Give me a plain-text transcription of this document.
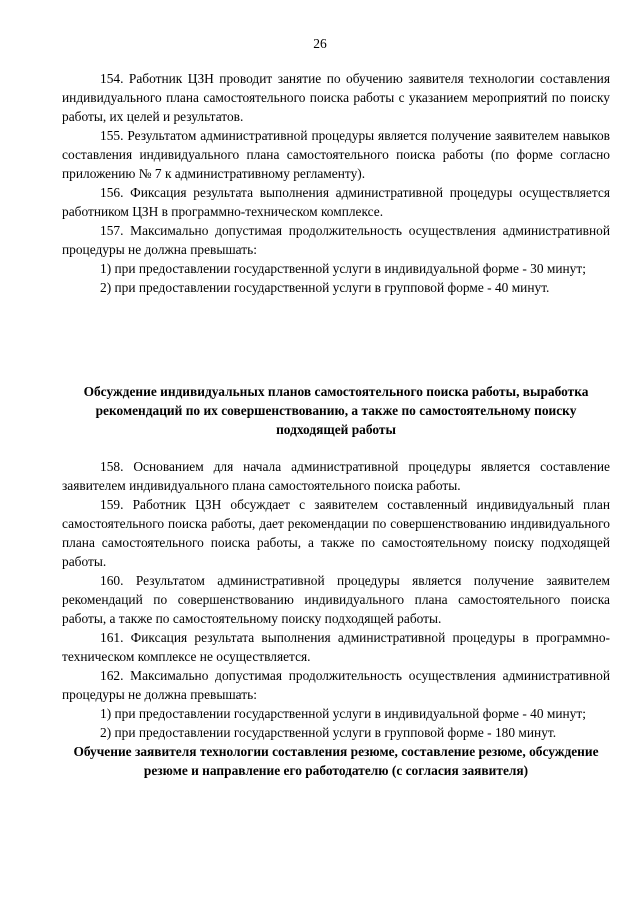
26

154. Работник ЦЗН проводит занятие по обучению заявителя технологии составления индивидуального плана самостоятельного поиска работы с указанием мероприятий по поиску работы, их целей и результатов.

155. Результатом административной процедуры является получение заявителем навыков составления индивидуального плана самостоятельного поиска работы (по форме согласно приложению № 7 к административному регламенту).

156. Фиксация результата выполнения административной процедуры осуществляется работником ЦЗН в программно-техническом комплексе.

157. Максимально допустимая продолжительность осуществления административной процедуры не должна превышать:

1) при предоставлении государственной услуги в индивидуальной форме - 30 минут;

2) при предоставлении государственной услуги в групповой форме - 40 минут.

Обсуждение индивидуальных планов самостоятельного поиска работы, выработка рекомендаций по их совершенствованию, а также по самостоятельному поиску подходящей работы

158. Основанием для начала административной процедуры является составление заявителем индивидуального плана самостоятельного поиска работы.

159. Работник ЦЗН обсуждает с заявителем составленный индивидуальный план самостоятельного поиска работы, дает рекомендации по совершенствованию индивидуального плана самостоятельного поиска работы, а также по самостоятельному поиску подходящей работы.

160. Результатом административной процедуры является получение заявителем рекомендаций по совершенствованию индивидуального плана самостоятельного поиска работы, а также по самостоятельному поиску подходящей работы.

161. Фиксация результата выполнения административной процедуры в программно-техническом комплексе не осуществляется.

162. Максимально допустимая продолжительность осуществления административной процедуры не должна превышать:

1) при предоставлении государственной услуги в индивидуальной форме - 40 минут;

2) при предоставлении государственной услуги в групповой форме - 180 минут.

Обучение заявителя технологии составления резюме, составление резюме, обсуждение резюме и направление его работодателю (с согласия заявителя)
